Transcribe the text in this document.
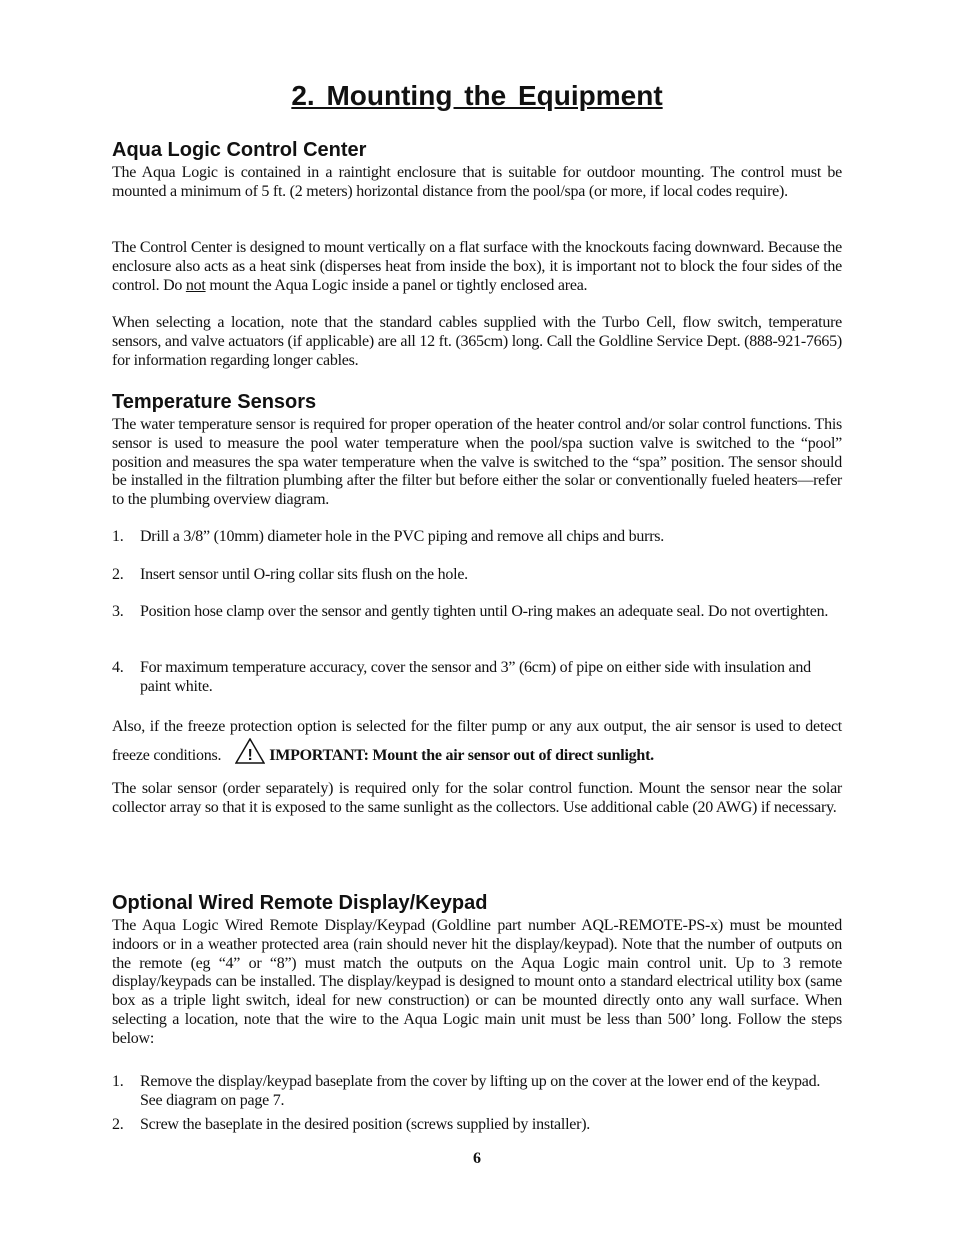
2. Mounting the Equipment
Aqua Logic Control Center

The Aqua Logic is contained in a raintight enclosure that is suitable for outdoor mounting. The control must be mounted a minimum of 5 ft. (2 meters) horizontal distance from the pool/spa (or more, if local codes require).

The Control Center is designed to mount vertically on a flat surface with the knockouts facing downward. Because the enclosure also acts as a heat sink (disperses heat from inside the box), it is important not to block the four sides of the control. Do not mount the Aqua Logic inside a panel or tightly enclosed area.

When selecting a location, note that the standard cables supplied with the Turbo Cell, flow switch, temperature sensors, and valve actuators (if applicable) are all 12 ft. (365cm) long. Call the Goldline Service Dept. (888-921-7665) for information regarding longer cables.

Temperature Sensors

The water temperature sensor is required for proper operation of the heater control and/or solar control functions. This sensor is used to measure the pool water temperature when the pool/spa suction valve is switched to the “pool” position and measures the spa water temperature when the valve is switched to the “spa” position. The sensor should be installed in the filtration plumbing after the filter but before either the solar or conventionally fueled heaters—refer to the plumbing overview diagram.

1. Drill a 3/8” (10mm) diameter hole in the PVC piping and remove all chips and burrs.
2. Insert sensor until O-ring collar sits flush on the hole.
3. Position hose clamp over the sensor and gently tighten until O-ring makes an adequate seal. Do not overtighten.
4. For maximum temperature accuracy, cover the sensor and 3” (6cm) of pipe on either side with insulation and paint white.

Also, if the freeze protection option is selected for the filter pump or any aux output, the air sensor is used to detect freeze conditions. ! IMPORTANT: Mount the air sensor out of direct sunlight.

The solar sensor (order separately) is required only for the solar control function. Mount the sensor near the solar collector array so that it is exposed to the same sunlight as the collectors. Use additional cable (20 AWG) if necessary.

Optional Wired Remote Display/Keypad

The Aqua Logic Wired Remote Display/Keypad (Goldline part number AQL-REMOTE-PS-x) must be mounted indoors or in a weather protected area (rain should never hit the display/keypad). Note that the number of outputs on the remote (eg “4” or “8”) must match the outputs on the Aqua Logic main control unit. Up to 3 remote display/keypads can be installed. The display/keypad is designed to mount onto a standard electrical utility box (same box as a triple light switch, ideal for new construction) or can be mounted directly onto any wall surface. When selecting a location, note that the wire to the Aqua Logic main unit must be less than 500’ long. Follow the steps below:

1. Remove the display/keypad baseplate from the cover by lifting up on the cover at the lower end of the keypad. See diagram on page 7.
2. Screw the baseplate in the desired position (screws supplied by installer).
6
